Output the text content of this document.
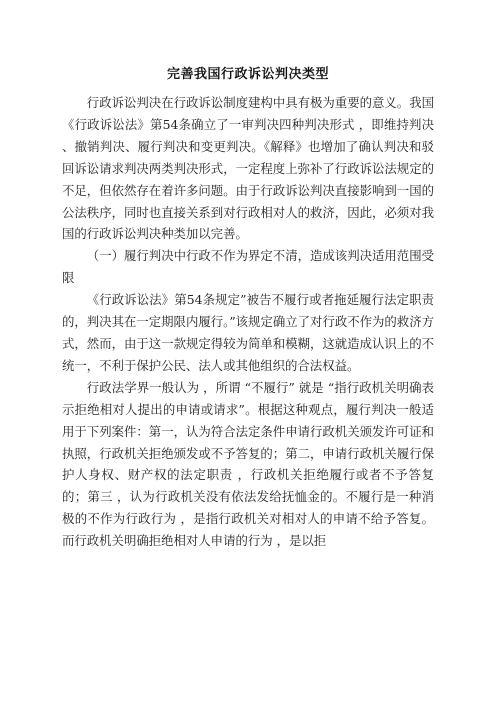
完善我国行政诉讼判决类型

行政诉讼判决在行政诉讼制度建构中具有极为重要的意义。我国《行政诉讼法》第54条确立了一审判决四种判决形式 ，即维持判决 、撤销判决、履行判决和变更判决。《解释》也增加了确认判决和驳回诉讼请求判决两类判决形式，一定程度上弥补了行政诉讼法规定的不足，但依然存在着许多问题。由于行政诉讼判决直接影响到一国的公法秩序，同时也直接关系到对行政相对人的救济，因此，必须对我国的行政诉讼判决种类加以完善。

（一）履行判决中行政不作为界定不清，造成该判决适用范围受限

《行政诉讼法》第54条规定”被告不履行或者拖延履行法定职责的，判决其在一定期限内履行。”该规定确立了对行政不作为的救济方式，然而，由于这一款规定得较为简单和模糊，这就造成认识上的不统一，不利于保护公民、法人或其他组织的合法权益。

行政法学界一般认为 ，所谓 “不履行” 就是 “指行政机关明确表示拒绝相对人提出的申请或请求”。根据这种观点，履行判决一般适用于下列案件：第一，认为符合法定条件申请行政机关颁发许可证和执照，行政机关拒绝颁发或不予答复的；第二，申请行政机关履行保护人身权、财产权的法定职责 ，行政机关拒绝履行或者不予答复的；第三 ，认为行政机关没有依法发给抚恤金的。不履行是一种消极的不作为行政行为 ，是指行政机关对相对人的申请不给予答复。而行政机关明确拒绝相对人申请的行为 ，是以拒
